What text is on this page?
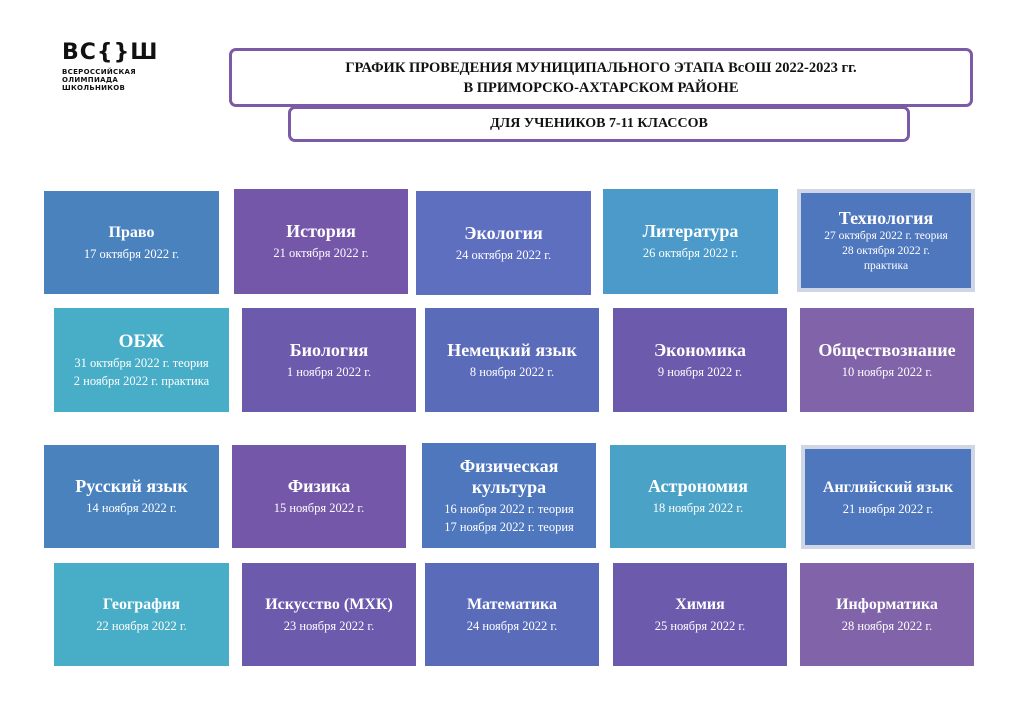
ВС{}Ш
ВСЕРОССИЙСКАЯ
ОЛИМПИАДА
ШКОЛЬНИКОВ
ГРАФИК ПРОВЕДЕНИЯ МУНИЦИПАЛЬНОГО ЭТАПА ВсОШ 2022-2023 гг.
В ПРИМОРСКО-АХТАРСКОМ РАЙОНЕ
ДЛЯ УЧЕНИКОВ 7-11 КЛАССОВ
Право
17 октября 2022 г.
История
21 октября 2022 г.
Экология
24 октября 2022 г.
Литература
26 октября 2022 г.
Технология
27 октября 2022 г. теория
28 октября 2022 г.
практика
ОБЖ
31 октября 2022 г. теория
2 ноября 2022 г. практика
Биология
1 ноября 2022 г.
Немецкий язык
8 ноября 2022 г.
Экономика
9 ноября 2022 г.
Обществознание
10 ноября 2022 г.
Русский язык
14 ноября 2022 г.
Физика
15 ноября 2022 г.
Физическая
культура
16 ноября 2022 г. теория
17 ноября 2022 г. теория
Астрономия
18 ноября 2022 г.
Английский язык
21 ноября 2022 г.
География
22 ноября 2022 г.
Искусство (МХК)
23 ноября 2022 г.
Математика
24 ноября 2022 г.
Химия
25 ноября 2022 г.
Информатика
28 ноября 2022 г.
